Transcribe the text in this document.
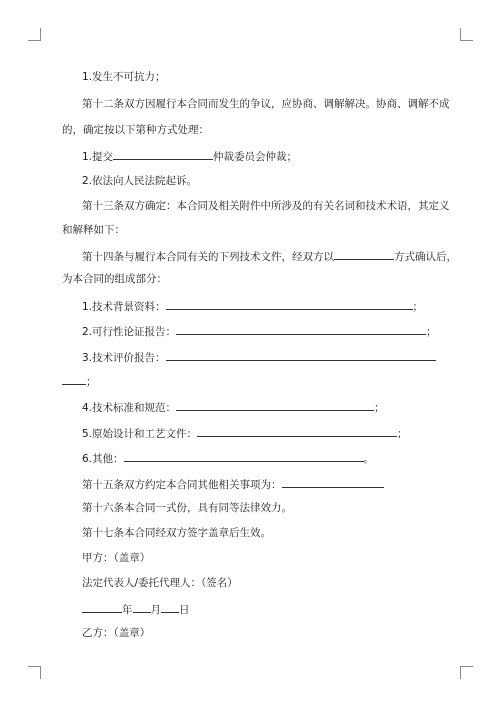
1.发生不可抗力；
第十二条双方因履行本合同而发生的争议，应协商、调解解决。协商、调解不成
的，确定按以下第种方式处理：
1.提交	仲裁委员会仲裁；
2.依法向人民法院起诉。
第十三条双方确定：本合同及相关附件中所涉及的有关名词和技术术语，其定义
和解释如下：
第十四条与履行本合同有关的下列技术文件，经双方以	方式确认后，
为本合同的组成部分：
1.技术背景资料：	；
2.可行性论证报告：	；
3.技术评价报告：
；
4.技术标准和规范：	；
5.原始设计和工艺文件：	；
6.其他：	。
第十五条双方约定本合同其他相关事项为：
第十六条本合同一式份，具有同等法律效力。
第十七条本合同经双方签字盖章后生效。
甲方：（盖章）
法定代表人/委托代理人：（签名）
年 月 日
乙方：（盖章）
